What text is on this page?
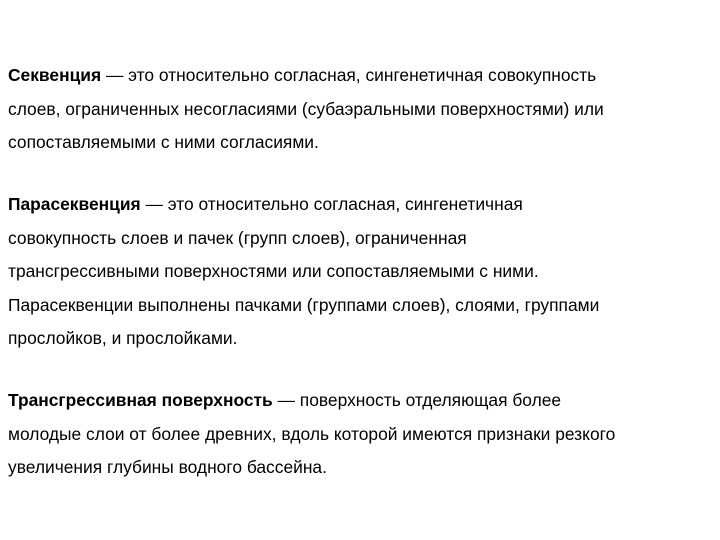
Секвенция — это относительно согласная, сингенетичная совокупность
слоев, ограниченных несогласиями (субаэральными поверхностями) или
сопоставляемыми с ними согласиями.

Парасеквенция — это относительно согласная, сингенетичная
совокупность слоев и пачек (групп слоев), ограниченная
трансгрессивными поверхностями или сопоставляемыми с ними.
Парасеквенции выполнены пачками (группами слоев), слоями, группами
прослойков, и прослойками.

Трансгрессивная поверхность — поверхность отделяющая более
молодые слои от более древних, вдоль которой имеются признаки резкого
увеличения глубины водного бассейна.
